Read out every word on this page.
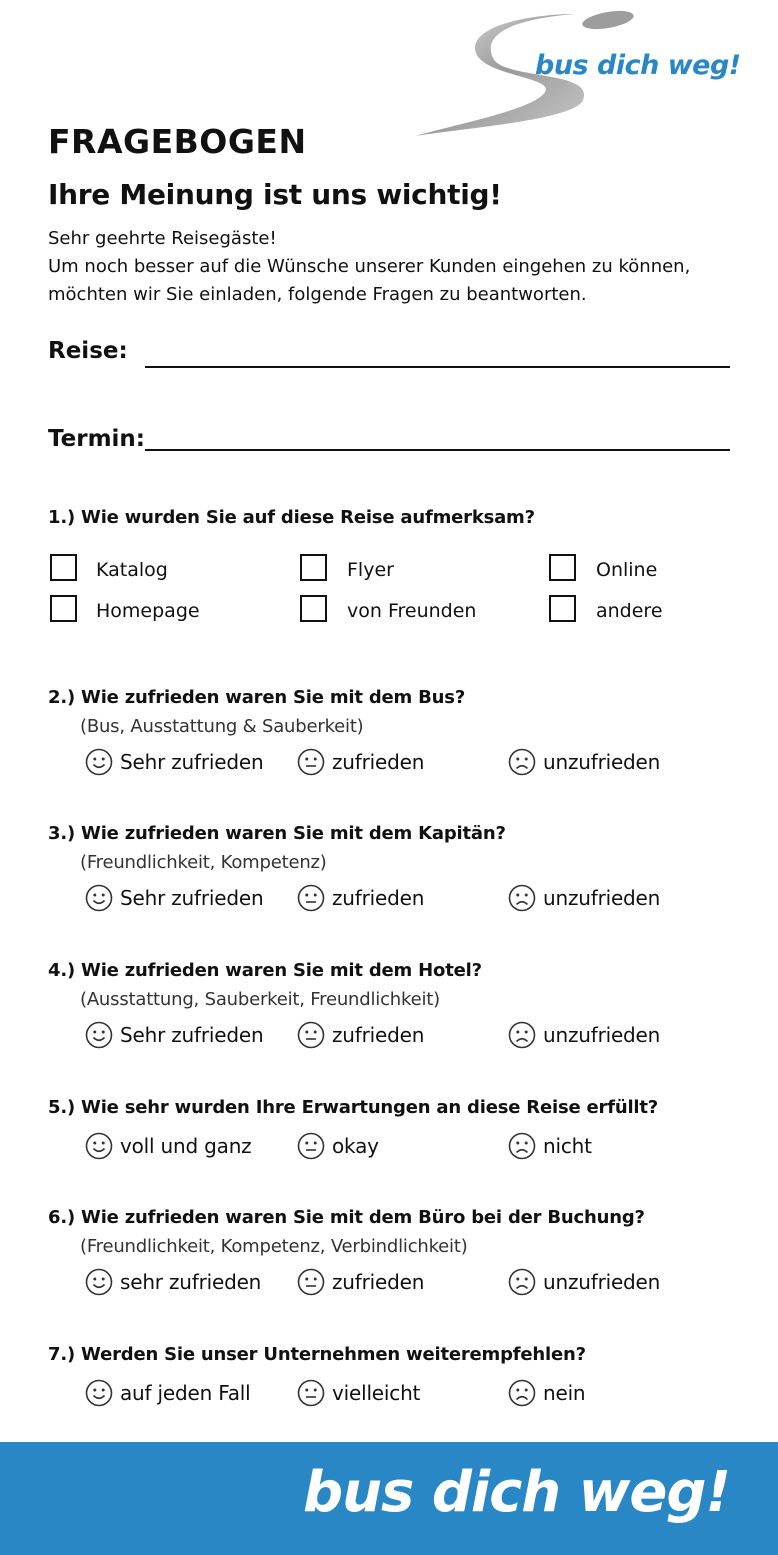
bus dich weg!
FRAGEBOGEN
Ihre Meinung ist uns wichtig!
Sehr geehrte Reisegäste!
Um noch besser auf die Wünsche unserer Kunden eingehen zu können,
möchten wir Sie einladen, folgende Fragen zu beantworten.
Reise:
Termin:
1.) Wie wurden Sie auf diese Reise aufmerksam?
Katalog	Flyer	Online
Homepage	von Freunden	andere
2.) Wie zufrieden waren Sie mit dem Bus?
(Bus, Ausstattung & Sauberkeit)
Sehr zufrieden	zufrieden	unzufrieden
3.) Wie zufrieden waren Sie mit dem Kapitän?
(Freundlichkeit, Kompetenz)
Sehr zufrieden	zufrieden	unzufrieden
4.) Wie zufrieden waren Sie mit dem Hotel?
(Ausstattung, Sauberkeit, Freundlichkeit)
Sehr zufrieden	zufrieden	unzufrieden
5.) Wie sehr wurden Ihre Erwartungen an diese Reise erfüllt?
voll und ganz	okay	nicht
6.) Wie zufrieden waren Sie mit dem Büro bei der Buchung?
(Freundlichkeit, Kompetenz, Verbindlichkeit)
sehr zufrieden	zufrieden	unzufrieden
7.) Werden Sie unser Unternehmen weiterempfehlen?
auf jeden Fall	vielleicht	nein
bus dich weg!
